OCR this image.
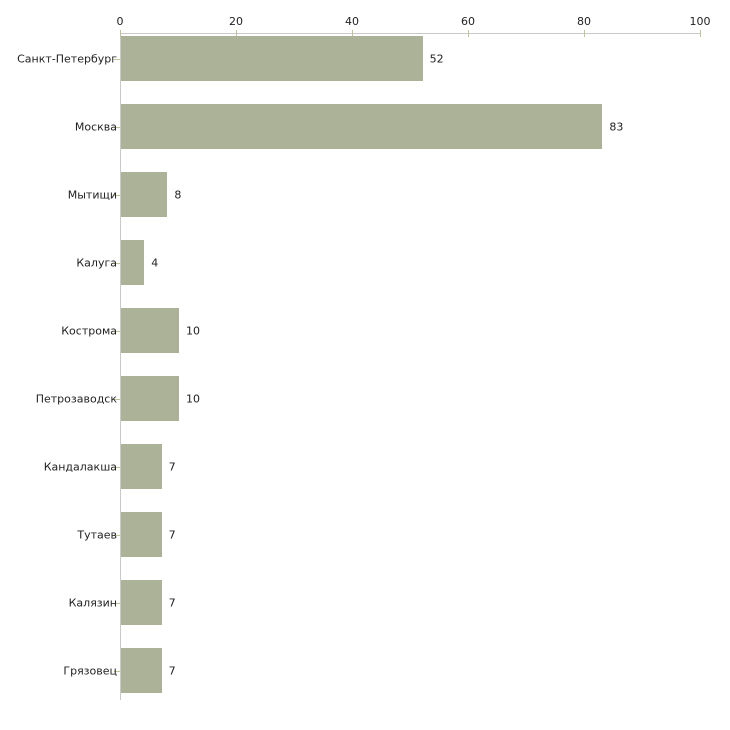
0	20	40	60	80	100
Санкт-Петербург	52
Москва	83
Мытищи	8
Калуга	4
Кострома	10
Петрозаводск	10
Кандалакша	7
Тутаев	7
Калязин	7
Грязовец	7
